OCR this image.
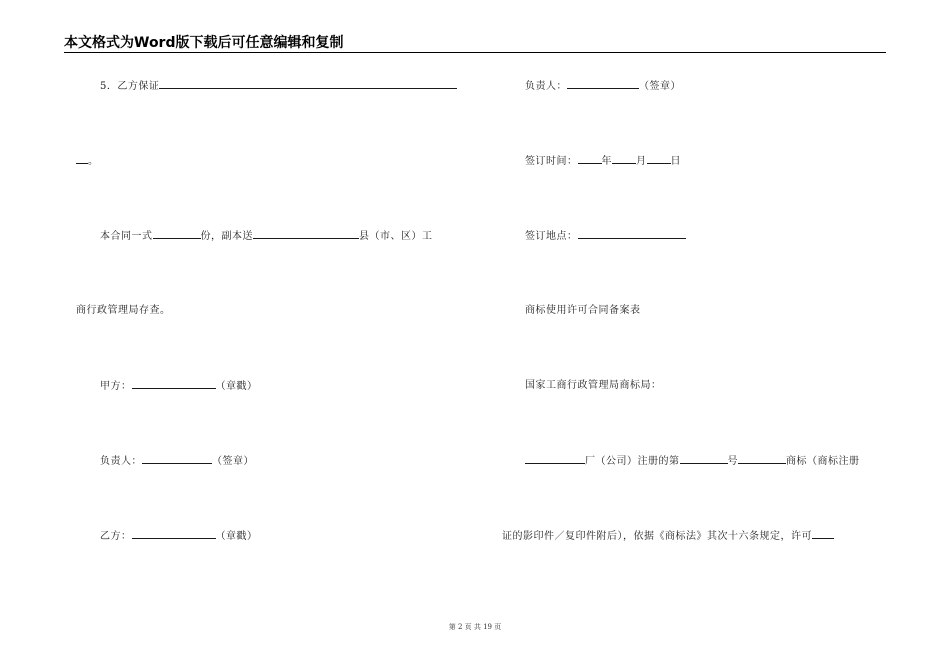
本文格式为Word版下载后可任意编辑和复制
5．乙方保证
。
本合同一式	份，副本送	县（市、区）工
商行政管理局存查。
甲方：	（章戳）
负责人：	（签章）
乙方：	（章戳）
负责人：	（签章）
签订时间： 年 月 日
签订地点：
商标使用许可合同备案表
国家工商行政管理局商标局：
厂（公司）注册的第	号	商标（商标注册
证的影印件／复印件附后），依据《商标法》其次十六条规定，许可
第 2 页 共 19 页
